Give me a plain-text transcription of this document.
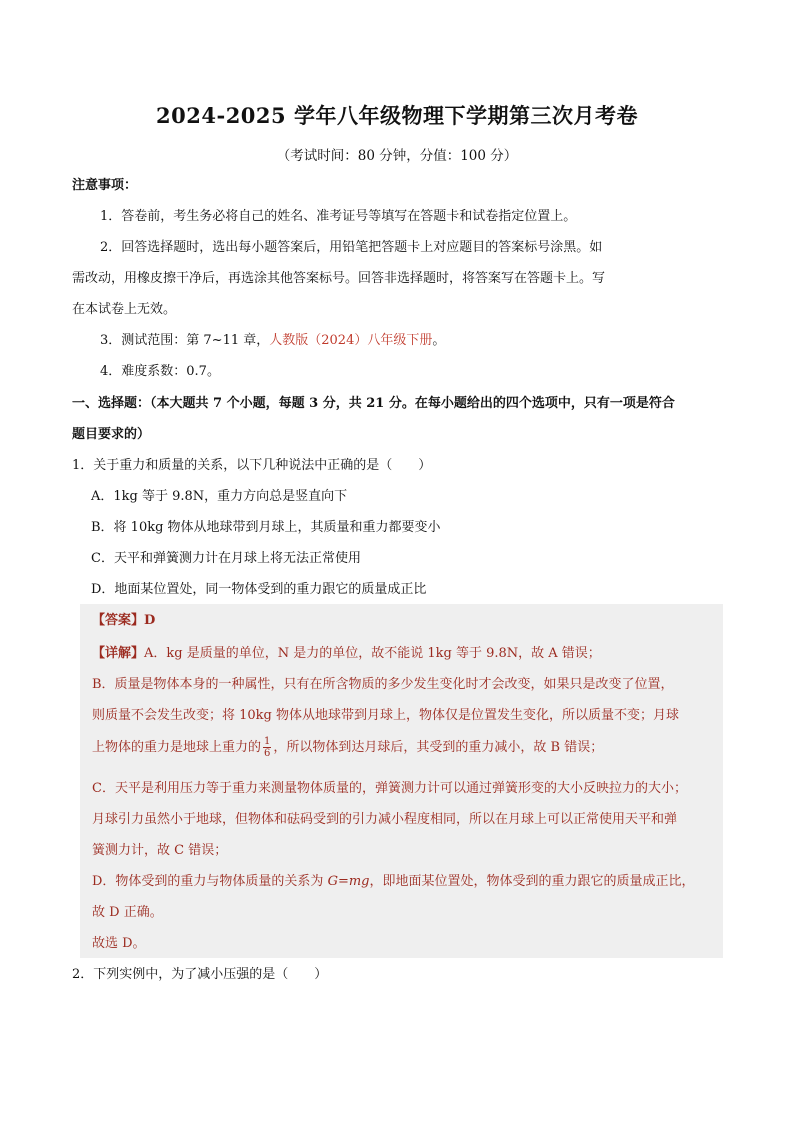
2024-2025 学年八年级物理下学期第三次月考卷
（考试时间：80 分钟，分值：100 分）
注意事项：
1．答卷前，考生务必将自己的姓名、准考证号等填写在答题卡和试卷指定位置上。
2．回答选择题时，选出每小题答案后，用铅笔把答题卡上对应题目的答案标号涂黑。如
需改动，用橡皮擦干净后，再选涂其他答案标号。回答非选择题时，将答案写在答题卡上。写
在本试卷上无效。
3．测试范围：第 7~11 章，人教版（2024）八年级下册。
4．难度系数：0.7。
一、选择题：（本大题共 7 个小题，每题 3 分，共 21 分。在每小题给出的四个选项中，只有一项是符合
题目要求的）
1．关于重力和质量的关系，以下几种说法中正确的是（　　）
A．1kg 等于 9.8N，重力方向总是竖直向下
B．将 10kg 物体从地球带到月球上，其质量和重力都要变小
C．天平和弹簧测力计在月球上将无法正常使用
D．地面某位置处，同一物体受到的重力跟它的质量成正比
【答案】D
【详解】A．kg 是质量的单位，N 是力的单位，故不能说 1kg 等于 9.8N，故 A 错误；
B．质量是物体本身的一种属性，只有在所含物质的多少发生变化时才会改变，如果只是改变了位置，
则质量不会发生改变；将 10kg 物体从地球带到月球上，物体仅是位置发生变化，所以质量不变；月球
上物体的重力是地球上重力的 $\frac{1}{6}$ ，所以物体到达月球后，其受到的重力减小，故 B 错误；
C．天平是利用压力等于重力来测量物体质量的，弹簧测力计可以通过弹簧形变的大小反映拉力的大小；
月球引力虽然小于地球，但物体和砝码受到的引力减小程度相同，所以在月球上可以正常使用天平和弹
簧测力计，故 C 错误；
D．物体受到的重力与物体质量的关系为 G=mg，即地面某位置处，物体受到的重力跟它的质量成正比，
故 D 正确。
故选 D。
2．下列实例中，为了减小压强的是（　　）
